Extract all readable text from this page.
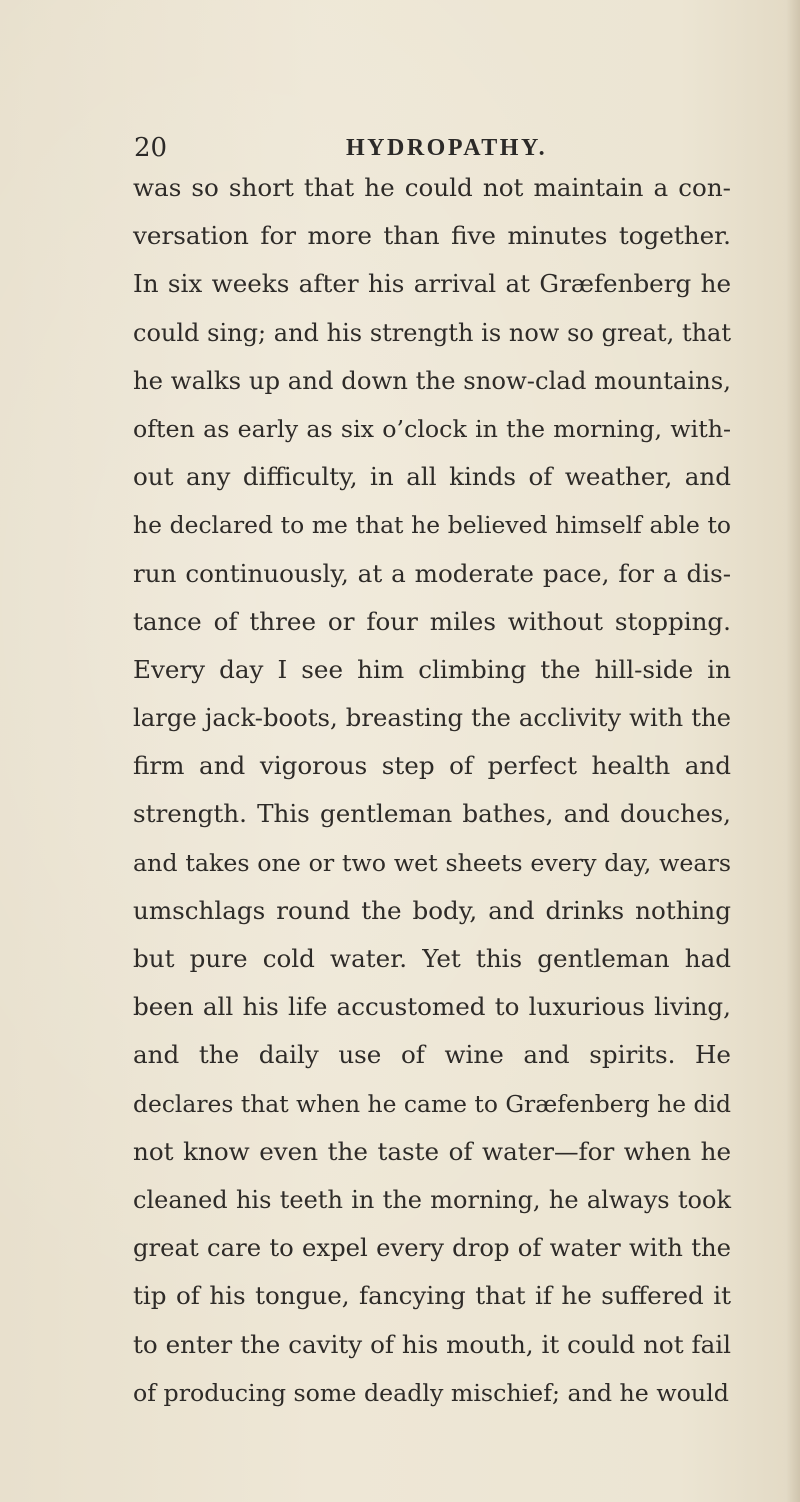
20	HYDROPATHY.
was so short that he could not maintain a con-
versation for more than five minutes together.
In six weeks after his arrival at Græfenberg he
could sing; and his strength is now so great, that
he walks up and down the snow-clad mountains,
often as early as six o’clock in the morning, with-
out any difficulty, in all kinds of weather, and
he declared to me that he believed himself able to
run continuously, at a moderate pace, for a dis-
tance of three or four miles without stopping.
Every day I see him climbing the hill-side in
large jack-boots, breasting the acclivity with the
firm and vigorous step of perfect health and
strength. This gentleman bathes, and douches,
and takes one or two wet sheets every day, wears
umschlags round the body, and drinks nothing
but pure cold water. Yet this gentleman had
been all his life accustomed to luxurious living,
and the daily use of wine and spirits. He
declares that when he came to Græfenberg he did
not know even the taste of water—for when he
cleaned his teeth in the morning, he always took
great care to expel every drop of water with the
tip of his tongue, fancying that if he suffered it
to enter the cavity of his mouth, it could not fail
of producing some deadly mischief; and he would
